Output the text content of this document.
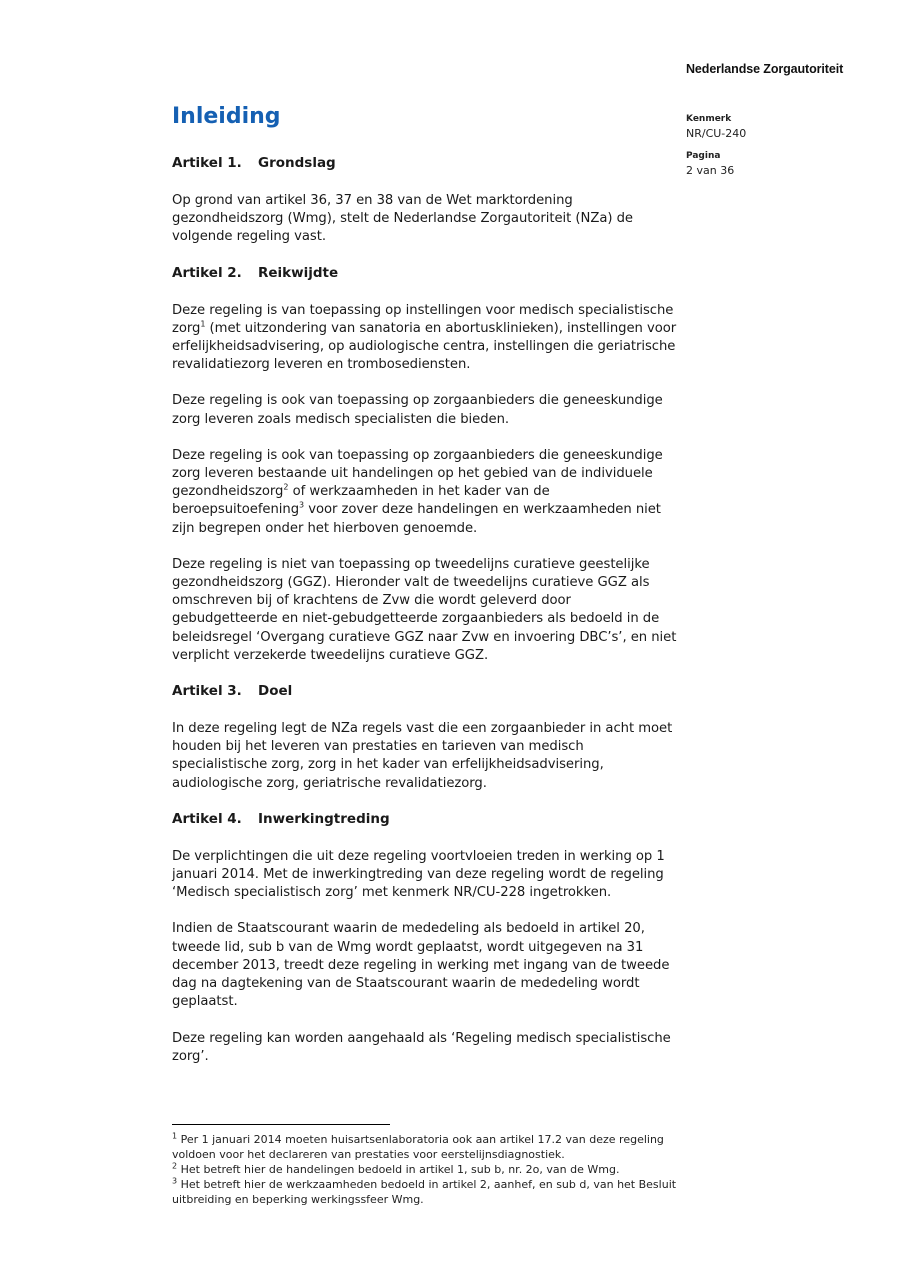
Nederlandse Zorgautoriteit
Kenmerk
NR/CU-240
Pagina
2 van 36
Inleiding
Artikel 1. Grondslag

Op grond van artikel 36, 37 en 38 van de Wet marktordening gezondheidszorg (Wmg), stelt de Nederlandse Zorgautoriteit (NZa) de volgende regeling vast.

Artikel 2. Reikwijdte

Deze regeling is van toepassing op instellingen voor medisch specialistische zorg$^1$ (met uitzondering van sanatoria en abortusklinieken), instellingen voor erfelijkheidsadvisering, op audiologische centra, instellingen die geriatrische revalidatiezorg leveren en trombosediensten.

Deze regeling is ook van toepassing op zorgaanbieders die geneeskundige zorg leveren zoals medisch specialisten die bieden.

Deze regeling is ook van toepassing op zorgaanbieders die geneeskundige zorg leveren bestaande uit handelingen op het gebied van de individuele gezondheidszorg$^2$ of werkzaamheden in het kader van de beroepsuitoefening$^3$ voor zover deze handelingen en werkzaamheden niet zijn begrepen onder het hierboven genoemde.

Deze regeling is niet van toepassing op tweedelijns curatieve geestelijke gezondheidszorg (GGZ). Hieronder valt de tweedelijns curatieve GGZ als omschreven bij of krachtens de Zvw die wordt geleverd door gebudgetteerde en niet-gebudgetteerde zorgaanbieders als bedoeld in de beleidsregel ‘Overgang curatieve GGZ naar Zvw en invoering DBC’s’, en niet verplicht verzekerde tweedelijns curatieve GGZ.

Artikel 3. Doel

In deze regeling legt de NZa regels vast die een zorgaanbieder in acht moet houden bij het leveren van prestaties en tarieven van medisch specialistische zorg, zorg in het kader van erfelijkheidsadvisering, audiologische zorg, geriatrische revalidatiezorg.

Artikel 4. Inwerkingtreding

De verplichtingen die uit deze regeling voortvloeien treden in werking op 1 januari 2014. Met de inwerkingtreding van deze regeling wordt de regeling ‘Medisch specialistisch zorg’ met kenmerk NR/CU-228 ingetrokken.

Indien de Staatscourant waarin de mededeling als bedoeld in artikel 20, tweede lid, sub b van de Wmg wordt geplaatst, wordt uitgegeven na 31 december 2013, treedt deze regeling in werking met ingang van de tweede dag na dagtekening van de Staatscourant waarin de mededeling wordt geplaatst.

Deze regeling kan worden aangehaald als ‘Regeling medisch specialistische zorg’.

$^1$ Per 1 januari 2014 moeten huisartsenlaboratoria ook aan artikel 17.2 van deze regeling voldoen voor het declareren van prestaties voor eerstelijnsdiagnostiek.

$^2$ Het betreft hier de handelingen bedoeld in artikel 1, sub b, nr. 2o, van de Wmg.

$^3$ Het betreft hier de werkzaamheden bedoeld in artikel 2, aanhef, en sub d, van het Besluit uitbreiding en beperking werkingssfeer Wmg.
